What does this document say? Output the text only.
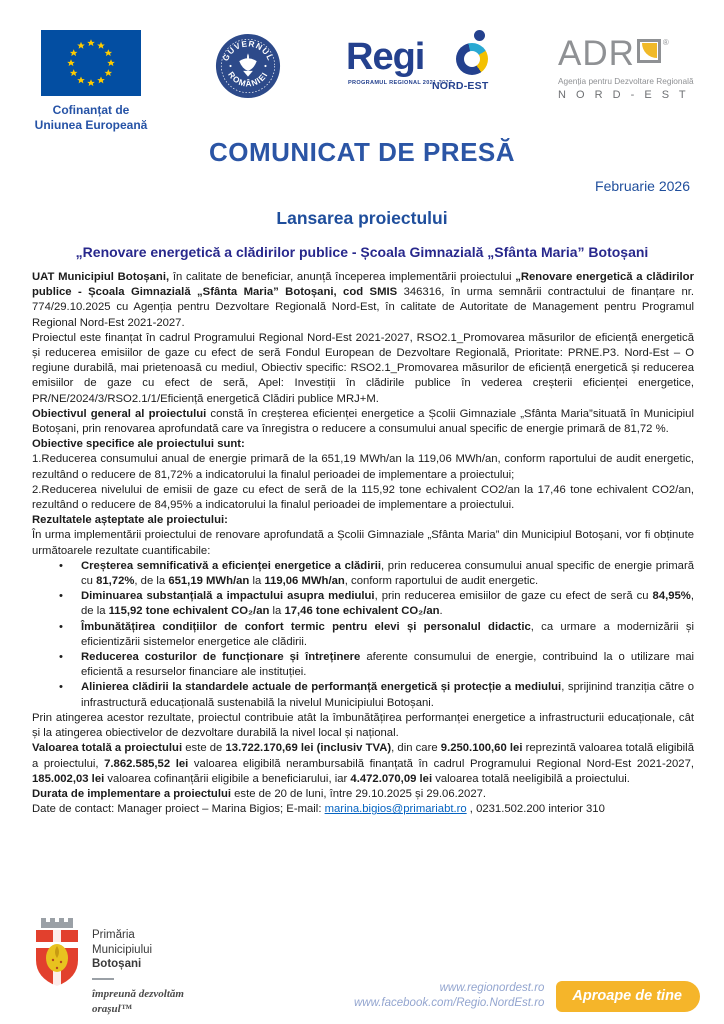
Cofinanțat de
Uniunea Europeană
GUVERNUL
ROMÂNIEI Regi
PROGRAMUL REGIONAL 2021-2027
NORD-EST
ADR	®
Agenția pentru Dezvoltare Regională
N O R D - E S T
COMUNICAT DE PRESĂ
Februarie 2026
Lansarea proiectului
„Renovare energetică a clădirilor publice - Școala Gimnazială „Sfânta Maria” Botoșani
UAT Municipiul Botoșani, în calitate de beneficiar, anunță începerea implementării proiectului „Renovare energetică a clădirilor publice - Școala Gimnazială „Sfânta Maria” Botoșani, cod SMIS 346316, în urma semnării contractului de finanțare nr. 774/29.10.2025 cu Agenția pentru Dezvoltare Regională Nord-Est, în calitate de Autoritate de Management pentru Programul Regional Nord-Est 2021-2027.
Proiectul este finanțat în cadrul Programului Regional Nord-Est 2021-2027, RSO2.1_Promovarea măsurilor de eficiență energetică și reducerea emisiilor de gaze cu efect de seră Fondul European de Dezvoltare Regională, Prioritate: PRNE.P3. Nord-Est – O regiune durabilă, mai prietenoasă cu mediul, Obiectiv specific: RSO2.1_Promovarea măsurilor de eficiență energetică și reducerea emisiilor de gaze cu efect de seră, Apel: Investiții în clădirile publice în vederea creșterii eficienței energetice, PR/NE/2024/3/RSO2.1/1/Eficiență energetică Clădiri publice MRJ+M.
Obiectivul general al proiectului constă în creșterea eficienței energetice a Școlii Gimnaziale „Sfânta Maria”situată în Municipiul Botoșani, prin renovarea aprofundată care va înregistra o reducere a consumului anual specific de energie primară de 81,72 %.
Obiective specifice ale proiectului sunt:
1.Reducerea consumului anual de energie primară de la 651,19 MWh/an la 119,06 MWh/an, conform raportului de audit energetic, rezultând o reducere de 81,72% a indicatorului la finalul perioadei de implementare a proiectului;
2.Reducerea nivelului de emisii de gaze cu efect de seră de la 115,92 tone echivalent CO2/an la 17,46 tone echivalent CO2/an, rezultând o reducere de 84,95% a indicatorului la finalul perioadei de implementare a proiectului.
Rezultatele așteptate ale proiectului:
În urma implementării proiectului de renovare aprofundată a Școlii Gimnaziale „Sfânta Maria” din Municipiul Botoșani, vor fi obținute următoarele rezultate cuantificabile:
• Creșterea semnificativă a eficienței energetice a clădirii, prin reducerea consumului anual specific de energie primară cu 81,72%, de la 651,19 MWh/an la 119,06 MWh/an, conform raportului de audit energetic.
• Diminuarea substanțială a impactului asupra mediului, prin reducerea emisiilor de gaze cu efect de seră cu 84,95%, de la 115,92 tone echivalent CO₂/an la 17,46 tone echivalent CO₂/an.
• Îmbunătățirea condițiilor de confort termic pentru elevi și personalul didactic, ca urmare a modernizării și eficientizării sistemelor energetice ale clădirii.
• Reducerea costurilor de funcționare și întreținere aferente consumului de energie, contribuind la o utilizare mai eficientă a resurselor financiare ale instituției.
• Alinierea clădirii la standardele actuale de performanță energetică și protecție a mediului, sprijinind tranziția către o infrastructură educațională sustenabilă la nivelul Municipiului Botoșani.
Prin atingerea acestor rezultate, proiectul contribuie atât la îmbunătățirea performanței energetice a infrastructurii educaționale, cât și la atingerea obiectivelor de dezvoltare durabilă la nivel local și național.
Valoarea totală a proiectului este de 13.722.170,69 lei (inclusiv TVA), din care 9.250.100,60 lei reprezintă valoarea totală eligibilă a proiectului, 7.862.585,52 lei valoarea eligibilă nerambursabilă finanțată în cadrul Programului Regional Nord-Est 2021-2027, 185.002,03 lei valoarea cofinanțării eligibile a beneficiarului, iar 4.472.070,09 lei valoarea totală neeligibilă a proiectului.
Durata de implementare a proiectului este de 20 de luni, între 29.10.2025 și 29.06.2027.
Date de contact: Manager proiect – Marina Bigios; E-mail: marina.bigios@primariabt.ro , 0231.502.200 interior 310
Primăria
Municipiului
Botoșani
împreună dezvoltăm
orașul™
www.regionordest.ro
www.facebook.com/Regio.NordEst.ro	Aproape de tine
